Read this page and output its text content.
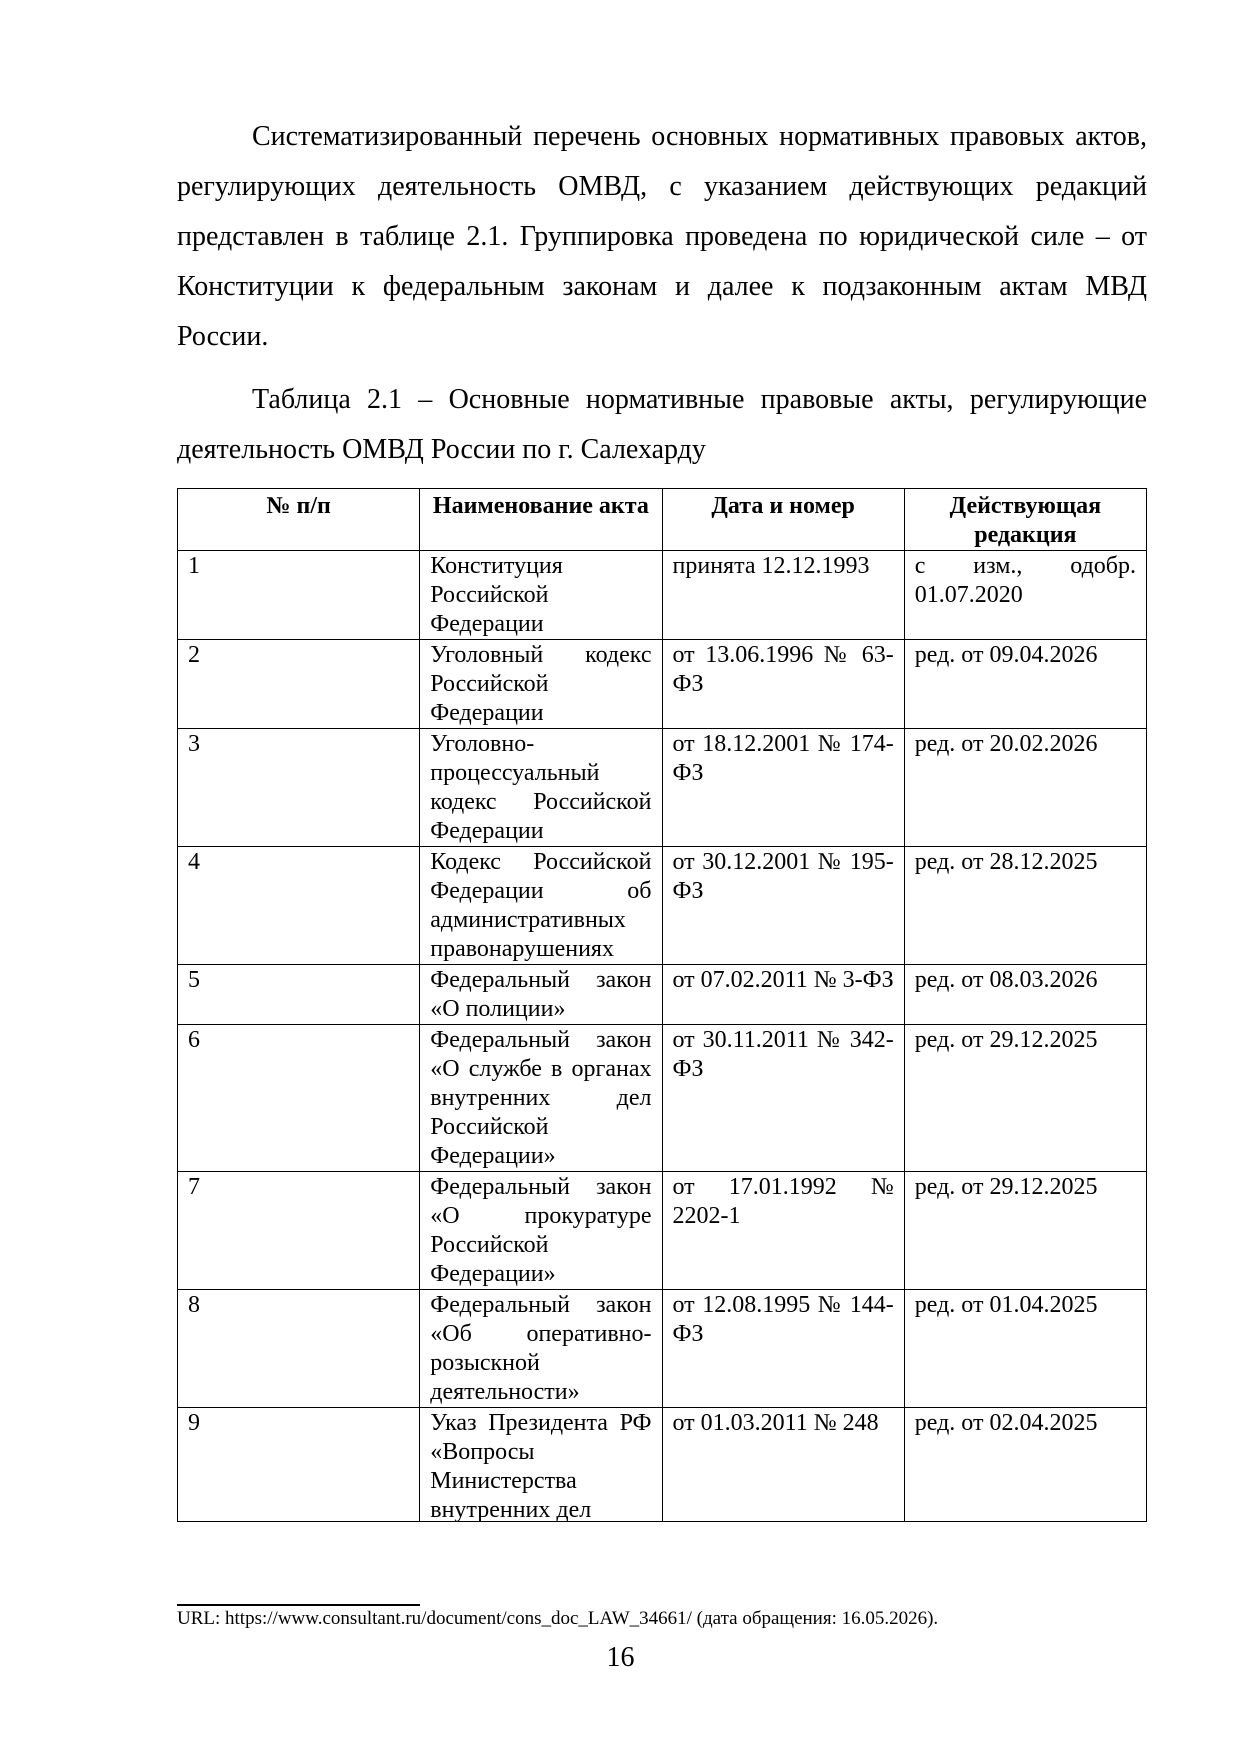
Систематизированный перечень основных нормативных правовых актов, регулирующих деятельность ОМВД, с указанием действующих редакций представлен в таблице 2.1. Группировка проведена по юридической силе – от Конституции к федеральным законам и далее к подзаконным актам МВД России.

Таблица 2.1 – Основные нормативные правовые акты, регулирующие деятельность ОМВД России по г. Салехарду

№ п/п	Наименование акта	Дата и номер	Действующая редакция
1	Конституция Российской Федерации	принята 12.12.1993	с изм., одобр. 01.07.2020
2	Уголовный кодекс Российской Федерации	от 13.06.1996 № 63-ФЗ	ред. от 09.04.2026
3	Уголовно-процессуальный кодекс Российской Федерации	от 18.12.2001 № 174-ФЗ	ред. от 20.02.2026
4	Кодекс Российской Федерации об административных правонарушениях	от 30.12.2001 № 195-ФЗ	ред. от 28.12.2025
5	Федеральный закон «О полиции»	от 07.02.2011 № 3-ФЗ	ред. от 08.03.2026
6	Федеральный закон «О службе в органах внутренних дел Российской Федерации»	от 30.11.2011 № 342-ФЗ	ред. от 29.12.2025
7	Федеральный закон «О прокуратуре Российской Федерации»	от 17.01.1992 № 2202-1	ред. от 29.12.2025
8	Федеральный закон «Об оперативно-розыскной деятельности»	от 12.08.1995 № 144-ФЗ	ред. от 01.04.2025
9	Указ Президента РФ «Вопросы Министерства внутренних дел	от 01.03.2011 № 248	ред. от 02.04.2025

URL: https://www.consultant.ru/document/cons_doc_LAW_34661/ (дата обращения: 16.05.2026).

16
